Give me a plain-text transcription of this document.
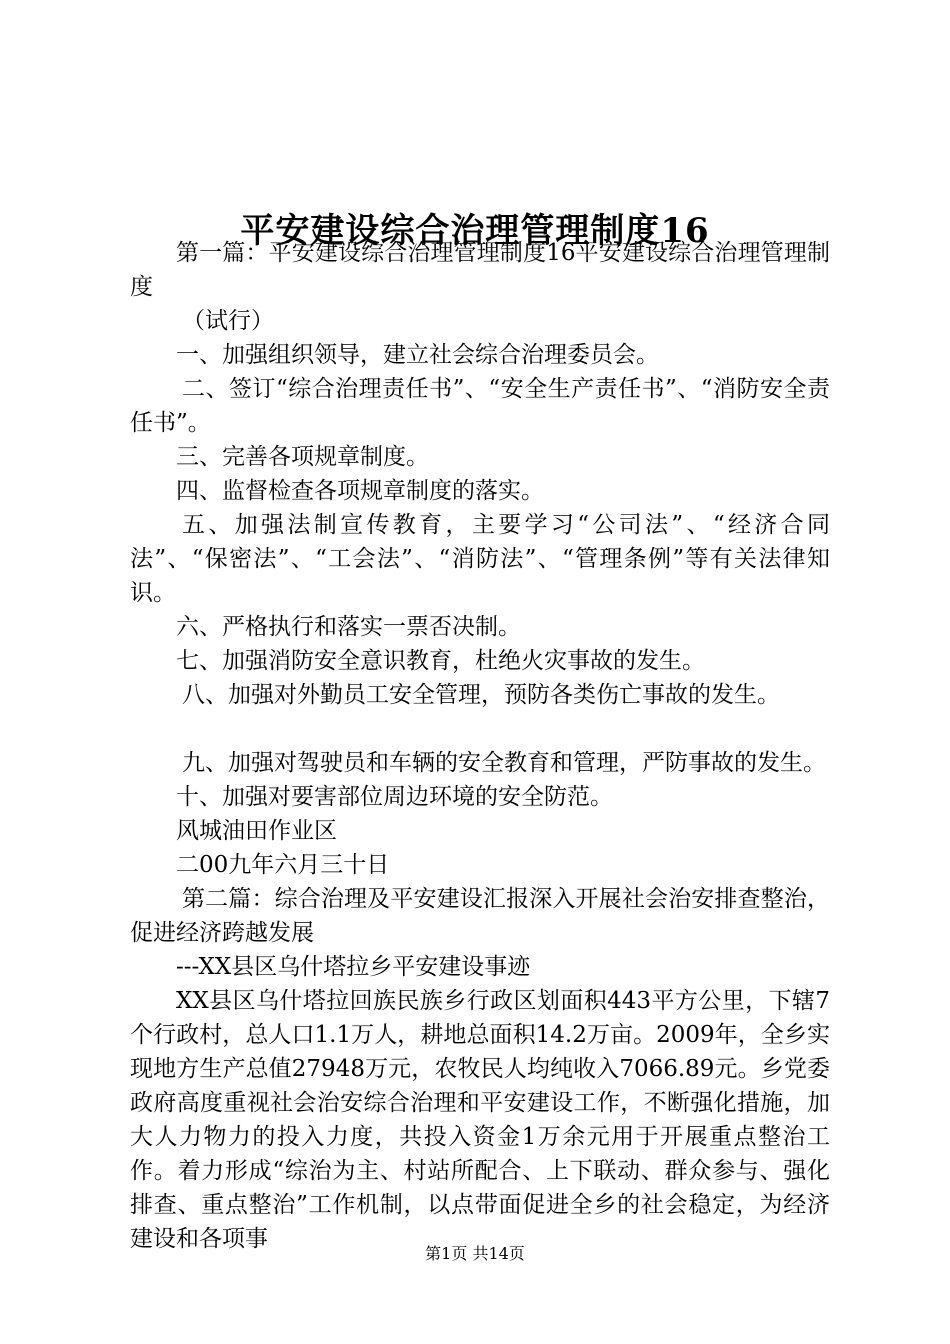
平安建设综合治理管理制度16

第一篇：平安建设综合治理管理制度16平安建设综合治理管理制度

（试行）

一、加强组织领导，建立社会综合治理委员会。

二、签订“综合治理责任书”、“安全生产责任书”、“消防安全责任书”。

三、完善各项规章制度。

四、监督检查各项规章制度的落实。

五、加强法制宣传教育，主要学习“公司法”、“经济合同法”、“保密法”、“工会法”、“消防法”、“管理条例”等有关法律知识。

六、严格执行和落实一票否决制。

七、加强消防安全意识教育，杜绝火灾事故的发生。

八、加强对外勤员工安全管理，预防各类伤亡事故的发生。

九、加强对驾驶员和车辆的安全教育和管理，严防事故的发生。

十、加强对要害部位周边环境的安全防范。

风城油田作业区

二00九年六月三十日

第二篇：综合治理及平安建设汇报深入开展社会治安排查整治，促进经济跨越发展

---XX县区乌什塔拉乡平安建设事迹

XX县区乌什塔拉回族民族乡行政区划面积443平方公里，下辖7个行政村，总人口1.1万人，耕地总面积14.2万亩。2009年，全乡实现地方生产总值27948万元，农牧民人均纯收入7066.89元。乡党委政府高度重视社会治安综合治理和平安建设工作，不断强化措施，加大人力物力的投入力度，共投入资金1万余元用于开展重点整治工作。着力形成“综治为主、村站所配合、上下联动、群众参与、强化排查、重点整治”工作机制，以点带面促进全乡的社会稳定，为经济建设和各项事

第1页 共14页
